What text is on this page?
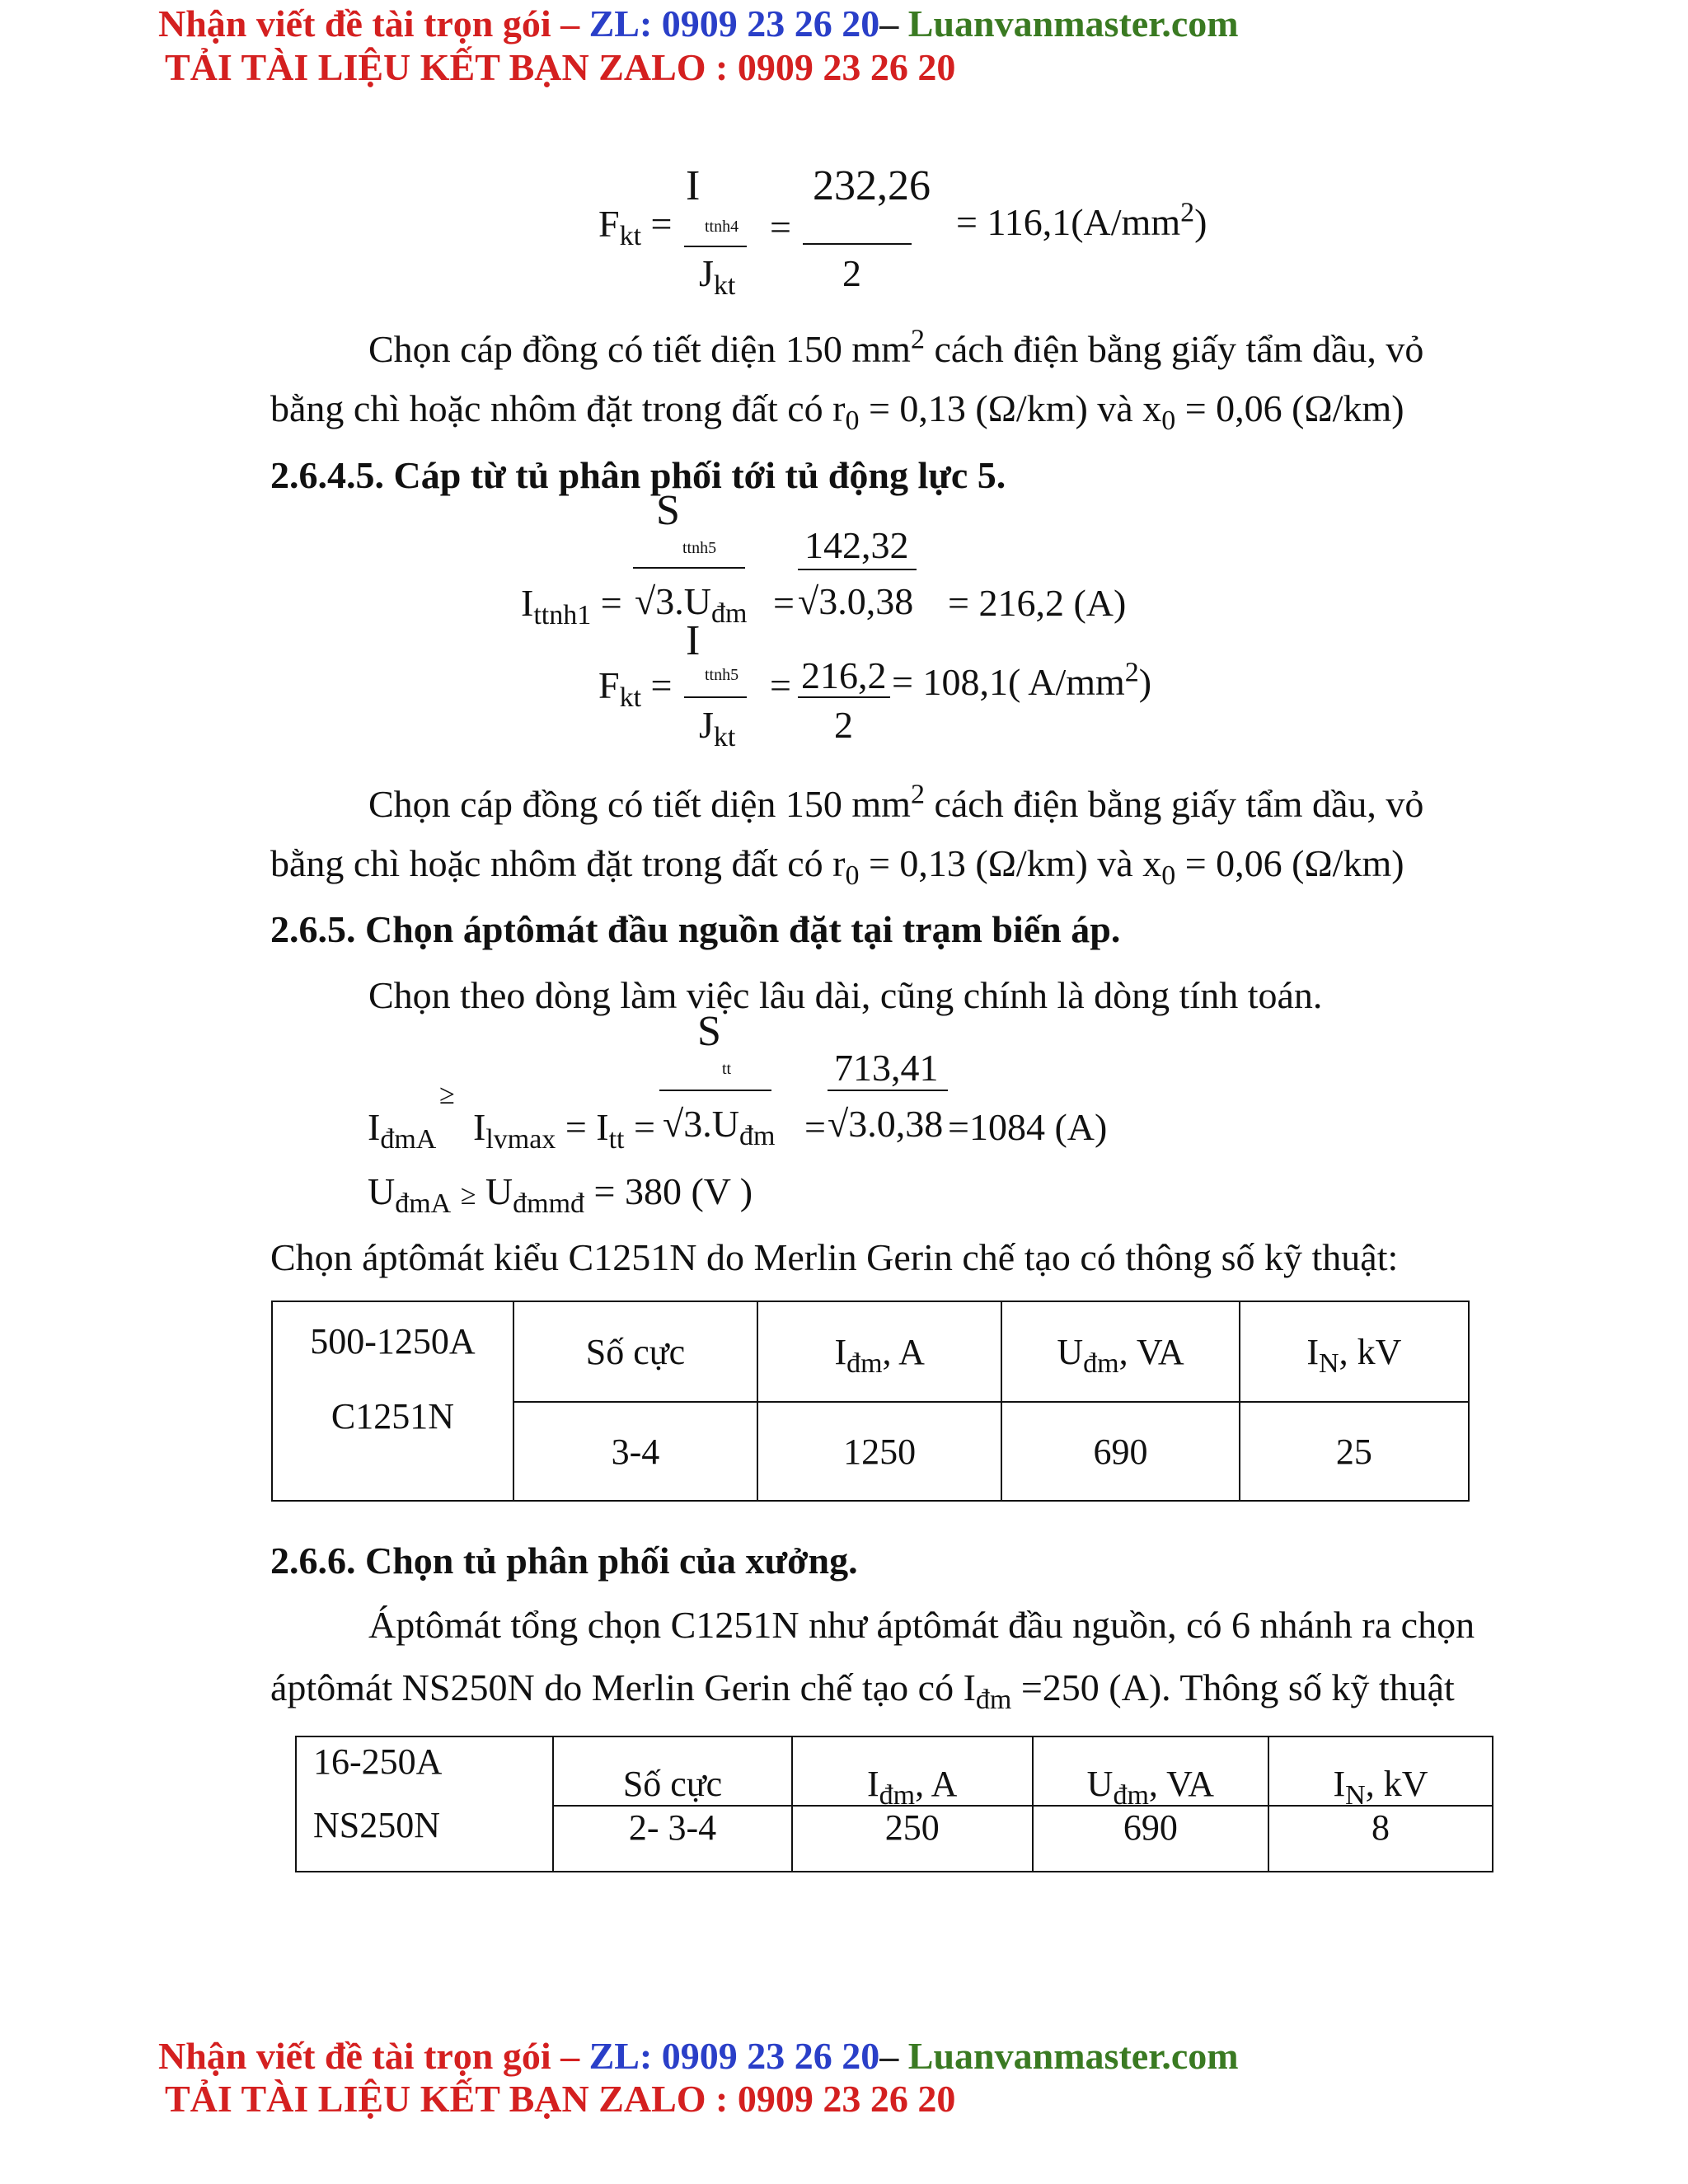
Nhận viết đề tài trọn gói – ZL: 0909 23 26 20– Luanvanmaster.com
TẢI TÀI LIỆU KẾT BẠN ZALO : 0909 23 26 20
$F_{kt}$ =
I
ttnh4
$J_{kt}$
=
232,26
2
= $116,1(A/mm^2)$
Chọn cáp đồng có tiết diện 150 $mm^2$ cách điện bằng giấy tẩm dầu, vỏ
bằng chì hoặc nhôm đặt trong đất có $r_0 = 0,13$ (Ω/km) và $x_0 = 0,06$ (Ω/km)
2.6.4.5. Cáp từ tủ phân phối tới tủ động lực 5.
$I_{ttnh1}$ =
S
ttnh5
$√3.U_{đm}$ =
142,32
√3.0,38 = 216,2 (A)
$F_{kt}$ =
I
ttnh5
$J_{kt}$
= 216,2
2
= 108,1( $A/mm^2$)
Chọn cáp đồng có tiết diện 150 $mm^2$ cách điện bằng giấy tẩm dầu, vỏ
bằng chì hoặc nhôm đặt trong đất có $r_0 = 0,13$ (Ω/km) và $x_0 = 0,06$ (Ω/km)
2.6.5. Chọn áptômát đầu nguồn đặt tại trạm biến áp.
Chọn theo dòng làm việc lâu dài, cũng chính là dòng tính toán.
$I_{đmA}$
≥
$I_{lvmax} = I_{tt}$ =
S
tt
$√3.U_{đm}$ =
713,41
√3.0,38 =1084 (A)
$U_{đmA} \ge U_{đmmđ} = 380$ (V )
Chọn áptômát kiểu C1251N do Merlin Gerin chế tạo có thông số kỹ thuật:
500-1250A
C1251N	Số cực	$I_{đm}$, A	$U_{đm}$, VA	$I_N$, kV
	3-4	1250	690	25
2.6.6. Chọn tủ phân phối của xưởng.
Áptômát tổng chọn C1251N như áptômát đầu nguồn, có 6 nhánh ra chọn
áptômát NS250N do Merlin Gerin chế tạo có $I_{đm} =250$ (A). Thông số kỹ thuật
16-250A
NS250N	Số cực	$I_{đm}$, A	$U_{đm}$, VA	$I_N$, kV
	2- 3-4	250	690	8
Nhận viết đề tài trọn gói – ZL: 0909 23 26 20– Luanvanmaster.com
TẢI TÀI LIỆU KẾT BẠN ZALO : 0909 23 26 20
